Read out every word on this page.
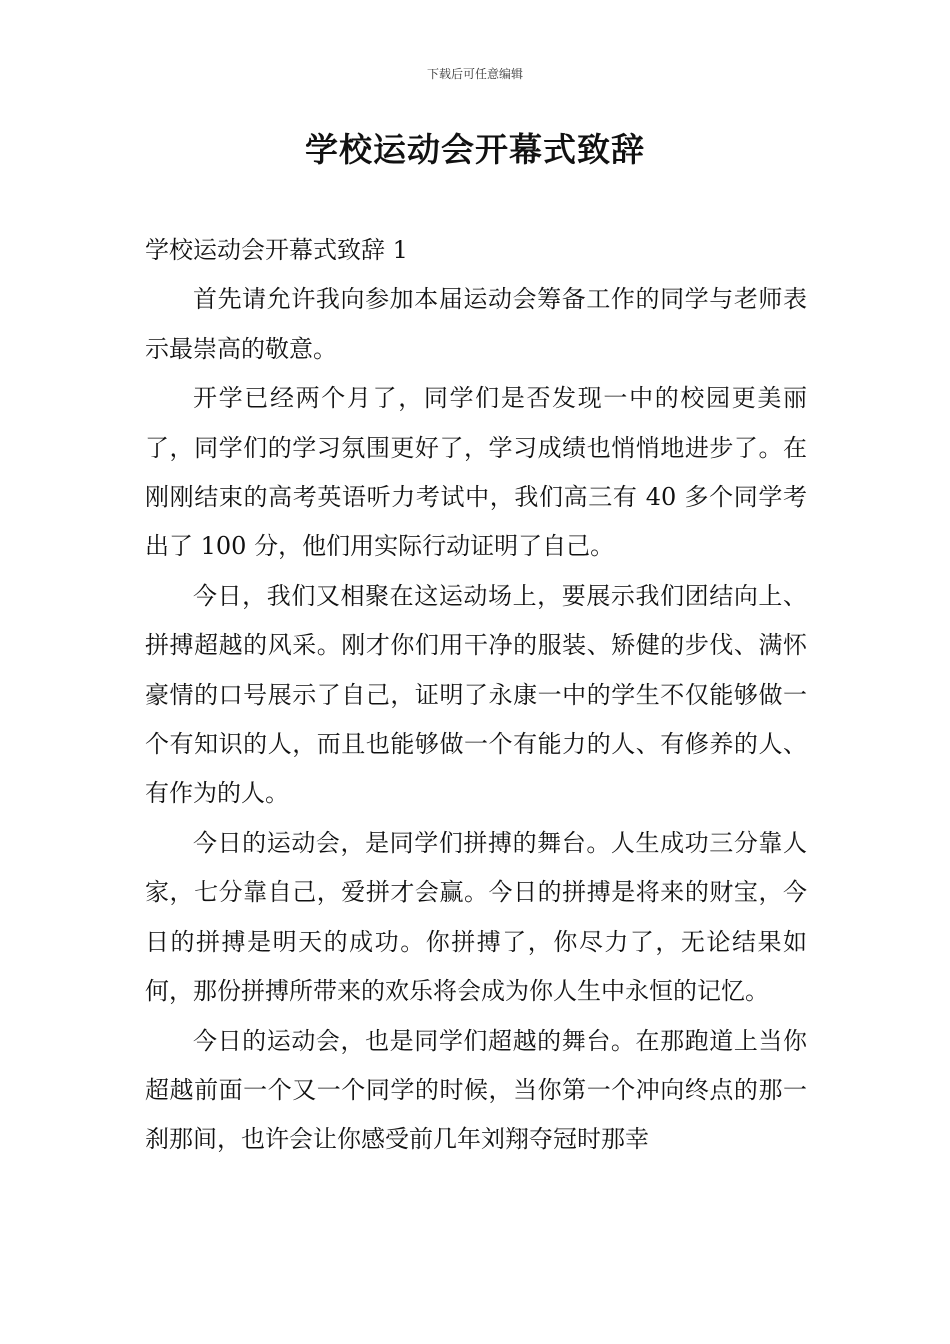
下载后可任意编辑
学校运动会开幕式致辞

学校运动会开幕式致辞 1

首先请允许我向参加本届运动会筹备工作的同学与老师表示最崇高的敬意。

开学已经两个月了，同学们是否发现一中的校园更美丽了，同学们的学习氛围更好了，学习成绩也悄悄地进步了。在刚刚结束的高考英语听力考试中，我们高三有 40 多个同学考出了 100 分，他们用实际行动证明了自己。

今日，我们又相聚在这运动场上，要展示我们团结向上、拼搏超越的风采。刚才你们用干净的服装、矫健的步伐、满怀豪情的口号展示了自己，证明了永康一中的学生不仅能够做一个有知识的人，而且也能够做一个有能力的人、有修养的人、有作为的人。

今日的运动会，是同学们拼搏的舞台。人生成功三分靠人家，七分靠自己，爱拼才会赢。今日的拼搏是将来的财宝，今日的拼搏是明天的成功。你拼搏了，你尽力了，无论结果如何，那份拼搏所带来的欢乐将会成为你人生中永恒的记忆。

今日的运动会，也是同学们超越的舞台。在那跑道上当你超越前面一个又一个同学的时候，当你第一个冲向终点的那一刹那间，也许会让你感受前几年刘翔夺冠时那幸
